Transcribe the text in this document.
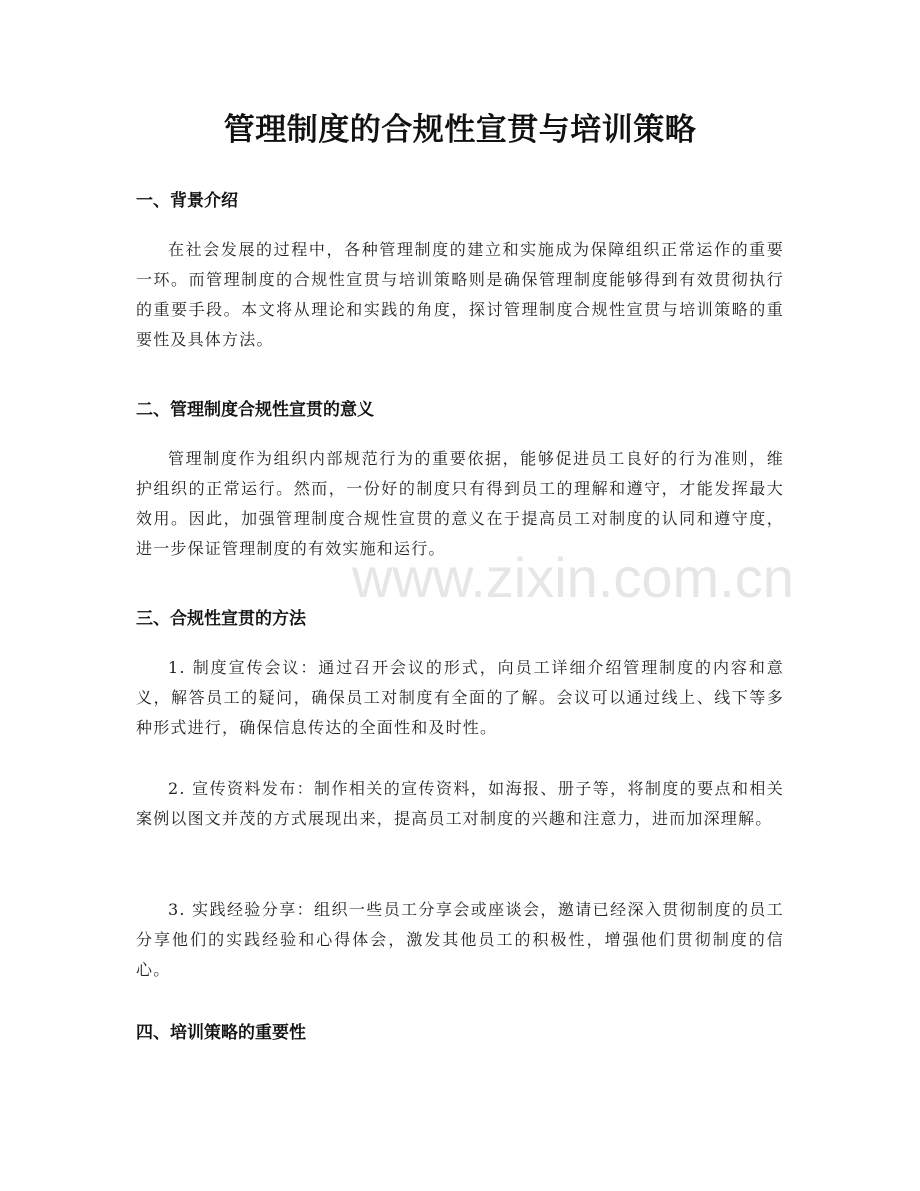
管理制度的合规性宣贯与培训策略
一、背景介绍

在社会发展的过程中，各种管理制度的建立和实施成为保障组织正常运作的重要一环。而管理制度的合规性宣贯与培训策略则是确保管理制度能够得到有效贯彻执行的重要手段。本文将从理论和实践的角度，探讨管理制度合规性宣贯与培训策略的重要性及具体方法。

二、管理制度合规性宣贯的意义

管理制度作为组织内部规范行为的重要依据，能够促进员工良好的行为准则，维护组织的正常运行。然而，一份好的制度只有得到员工的理解和遵守，才能发挥最大效用。因此，加强管理制度合规性宣贯的意义在于提高员工对制度的认同和遵守度，进一步保证管理制度的有效实施和运行。

三、合规性宣贯的方法

1. 制度宣传会议：通过召开会议的形式，向员工详细介绍管理制度的内容和意义，解答员工的疑问，确保员工对制度有全面的了解。会议可以通过线上、线下等多种形式进行，确保信息传达的全面性和及时性。

2. 宣传资料发布：制作相关的宣传资料，如海报、册子等，将制度的要点和相关案例以图文并茂的方式展现出来，提高员工对制度的兴趣和注意力，进而加深理解。

3. 实践经验分享：组织一些员工分享会或座谈会，邀请已经深入贯彻制度的员工分享他们的实践经验和心得体会，激发其他员工的积极性，增强他们贯彻制度的信心。

四、培训策略的重要性
www.zixin.com.cn
